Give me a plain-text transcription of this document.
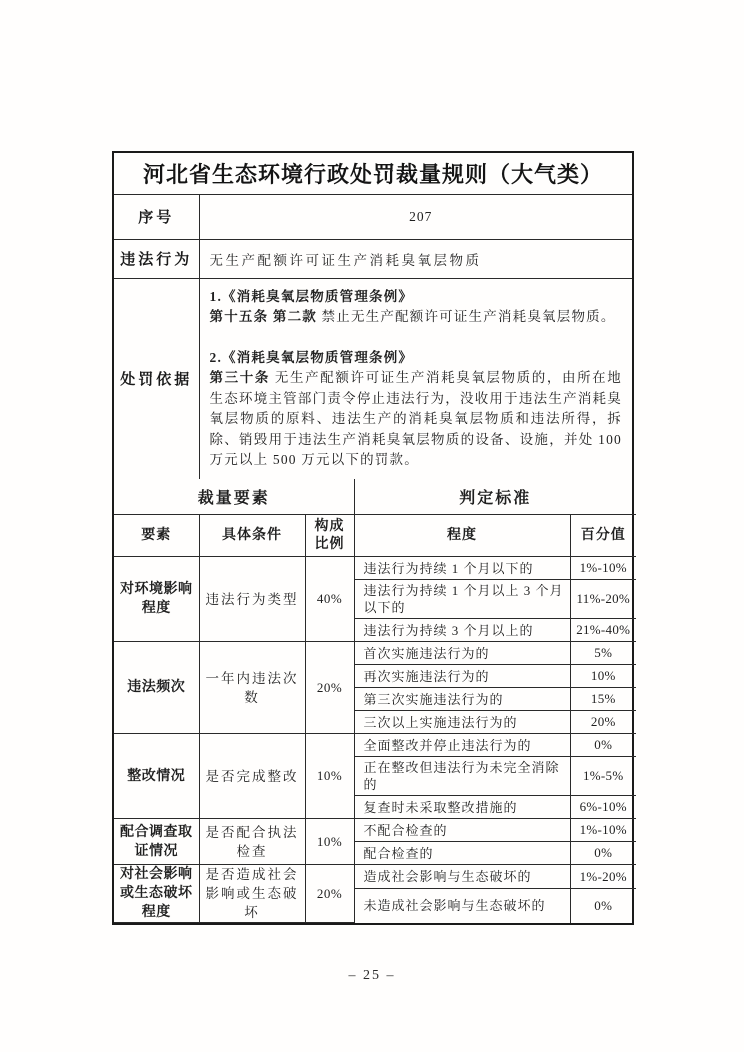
河北省生态环境行政处罚裁量规则（大气类）	
序号	207
违法行为	无生产配额许可证生产消耗臭氧层物质
处罚依据	1.《消耗臭氧层物质管理条例》
第十五条 第二款 禁止无生产配额许可证生产消耗臭氧层物质。
2.《消耗臭氧层物质管理条例》
第三十条 无生产配额许可证生产消耗臭氧层物质的，由所在地生态环境主管部门责令停止违法行为，没收用于违法生产消耗臭氧层物质的原料、违法生产的消耗臭氧层物质和违法所得，拆除、销毁用于违法生产消耗臭氧层物质的设备、设施，并处 100 万元以上 500 万元以下的罚款。
裁量要素			判定标准	
要素	具体条件	构成比例	程度	百分值
对环境影响程度	违法行为类型	40%	违法行为持续 1 个月以下的	1%-10%
			违法行为持续 1 个月以上 3 个月以下的	11%-20%
			违法行为持续 3 个月以上的	21%-40%
违法频次	一年内违法次数	20%	首次实施违法行为的	5%
			再次实施违法行为的	10%
			第三次实施违法行为的	15%
			三次以上实施违法行为的	20%
整改情况	是否完成整改	10%	全面整改并停止违法行为的	0%
			正在整改但违法行为未完全消除的	1%-5%
			复查时未采取整改措施的	6%-10%
配合调查取证情况	是否配合执法检查	10%	不配合检查的	1%-10%
			配合检查的	0%
对社会影响或生态破坏程度	是否造成社会影响或生态破坏	20%	造成社会影响与生态破坏的	1%-20%
			未造成社会影响与生态破坏的	0%
– 25 –
